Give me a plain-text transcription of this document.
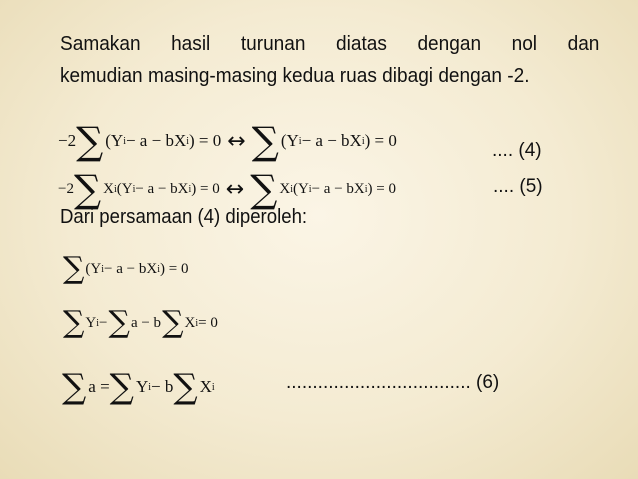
Samakan hasil turunan diatas dengan nol dan
kemudian masing-masing kedua ruas dibagi dengan -2.
−2 ∑ (Y i − a − bX i ) = 0 ↔ ∑ (Y i − a − bX i ) = 0	.... (4)
−2 ∑ X i (Y i − a − bX i ) = 0 ↔ ∑ X i (Y i − a − bX i ) = 0	.... (5)
Dari persamaan (4) diperoleh:
∑ (Y i − a − bX i ) = 0
∑ Y i − ∑ a − b ∑ X i = 0
∑ a = ∑ Y i − b ∑ X i	................................... (6)
